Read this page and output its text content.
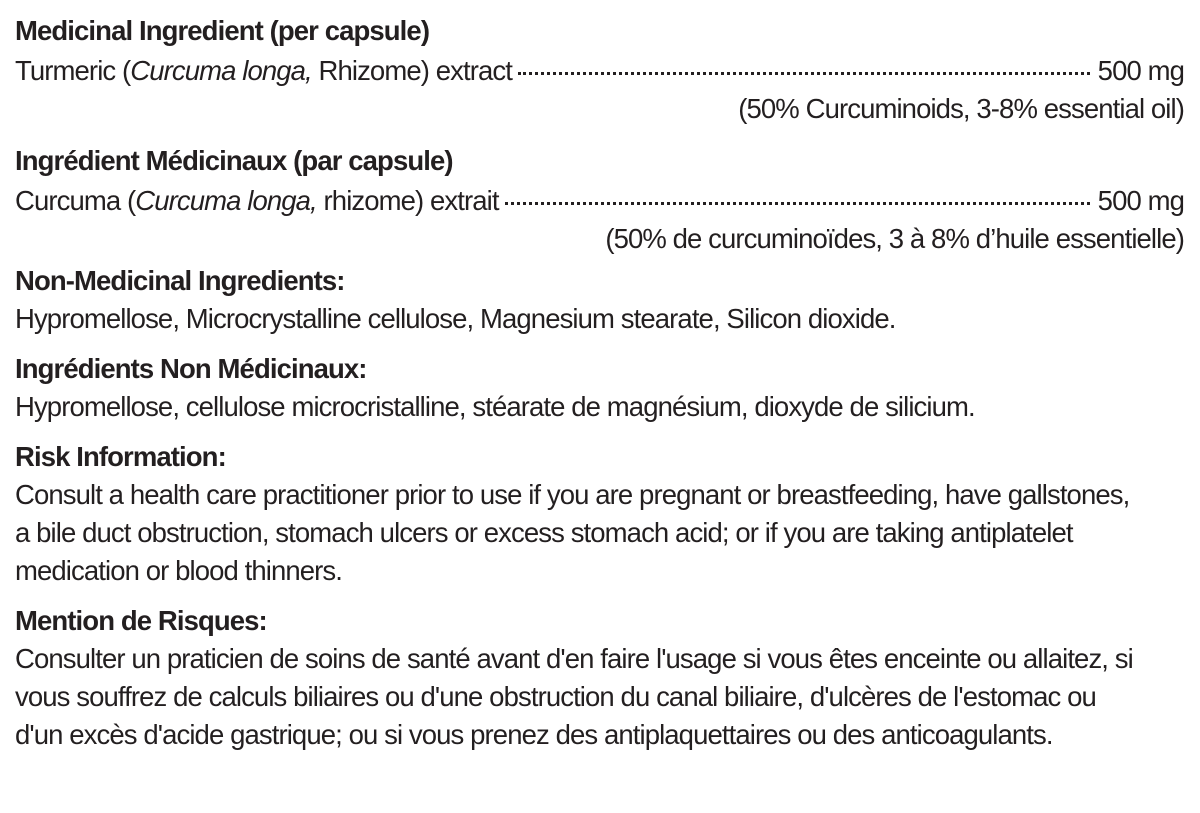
Medicinal Ingredient (per capsule)
Turmeric (Curcuma longa, Rhizome) extract	500 mg
(50% Curcuminoids, 3-8% essential oil)
Ingrédient Médicinaux (par capsule)
Curcuma (Curcuma longa, rhizome) extrait	500 mg
(50% de curcuminoïdes, 3 à 8% d’huile essentielle)
Non-Medicinal Ingredients:

Hypromellose, Microcrystalline cellulose, Magnesium stearate, Silicon dioxide.

Ingrédients Non Médicinaux:

Hypromellose, cellulose microcristalline, stéarate de magnésium, dioxyde de silicium.

Risk Information:
Consult a health care practitioner prior to use if you are pregnant or breastfeeding, have gallstones,
a bile duct obstruction, stomach ulcers or excess stomach acid; or if you are taking antiplatelet
medication or blood thinners.
Mention de Risques:
Consulter un praticien de soins de santé avant d'en faire l'usage si vous êtes enceinte ou allaitez, si
vous souffrez de calculs biliaires ou d'une obstruction du canal biliaire, d'ulcères de l'estomac ou
d'un excès d'acide gastrique; ou si vous prenez des antiplaquettaires ou des anticoagulants.
